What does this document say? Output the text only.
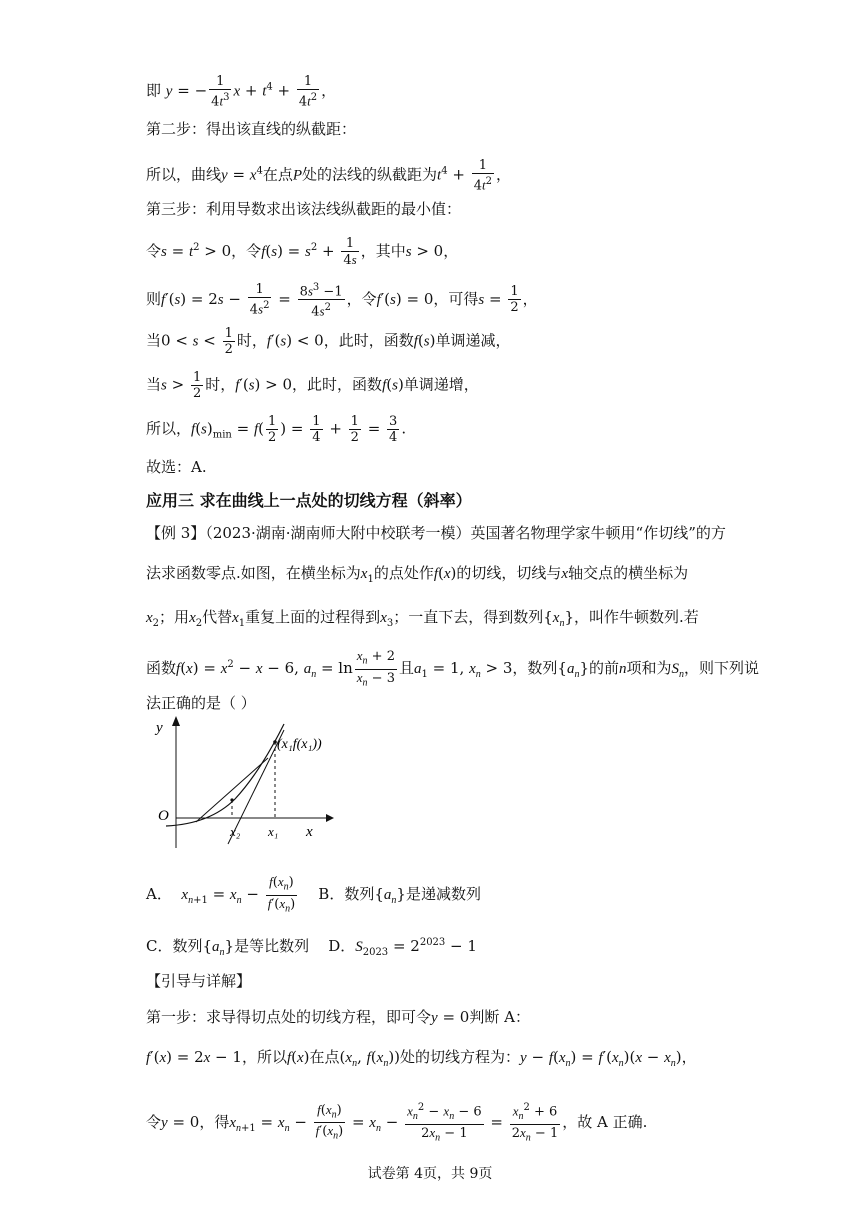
即 y = − $\frac{1}{4t^3}$ $x + t^4 + \frac{1}{4t^2}$ ，
第二步：得出该直线的纵截距：
所以，曲线$y = x^4$在点P处的法线的纵截距为$t^4 + \frac{1}{4t^2}$ ，
第三步：利用导数求出该法线纵截距的最小值：
令$s = t^2 > 0$，令$f(s) = s^2 + \frac{1}{4s}$ ，其中s > 0，
则$f'(s) = 2s - \frac{1}{4s^2} = \frac{8s^3 -1}{4s^2}$ ，令f′(s) = 0，可得$s = \frac{1}{2}$ ，
当$0 < s < \frac{1}{2}$ 时，f′(s) < 0，此时，函数f(s)单调递减，
当$s > \frac{1}{2}$ 时，f′(s) > 0，此时，函数f(s)单调递增，
所以，$f(s)_{min} = f( \frac{1}{2}$ ) = $\frac{1}{4} + \frac{1}{2} = \frac{3}{4}$ .
故选：A.
应用三 求在曲线上一点处的切线方程（斜率）
【例 3】（2023·湖南·湖南师大附中校联考一模）英国著名物理学家牛顿用“作切线”的方
法求函数零点.如图，在横坐标为$x_1$的点处作f(x)的切线，切线与x轴交点的横坐标为
$x_2$；用$x_2$代替$x_1$重复上面的过程得到$x_3$；一直下去，得到数列$\{x_n\}$，叫作牛顿数列.若
函数$f(x) = x^2 - x - 6$, $a_n = \ln \frac{x_n + 2}{x_n - 3}$ 且$a_1 = 1$, $x_n > 3$，数列$\{a_n\}$的前n项和为$S_n$，则下列说
法正确的是（ ）
y
x
O
x₁
x₂
(x₁f(x₁))
A． $x_{n+1} = x_n - \frac{f(x_n)}{f'(x_n)}$ B．数列$\{a_n\}$是递减数列
C．数列$\{a_n\}$是等比数列 D．$S_{2023} = 2^{2023} - 1$
【引导与详解】
第一步：求导得切点处的切线方程，即可令y = 0判断 A：
f′(x) = 2x − 1，所以f(x)在点($x_n$, $f(x_n)$)处的切线方程为：$y - f(x_n) = f'(x_n)(x - x_n)$，
令y = 0，得$x_{n+1} = x_n - \frac{f(x_n)}{f'(x_n)} = x_n - \frac{x_n^2 - x_n - 6}{2x_n - 1} = \frac{x_n^2 + 6}{2x_n - 1}$ ，故 A 正确.
试卷第 4页，共 9页
